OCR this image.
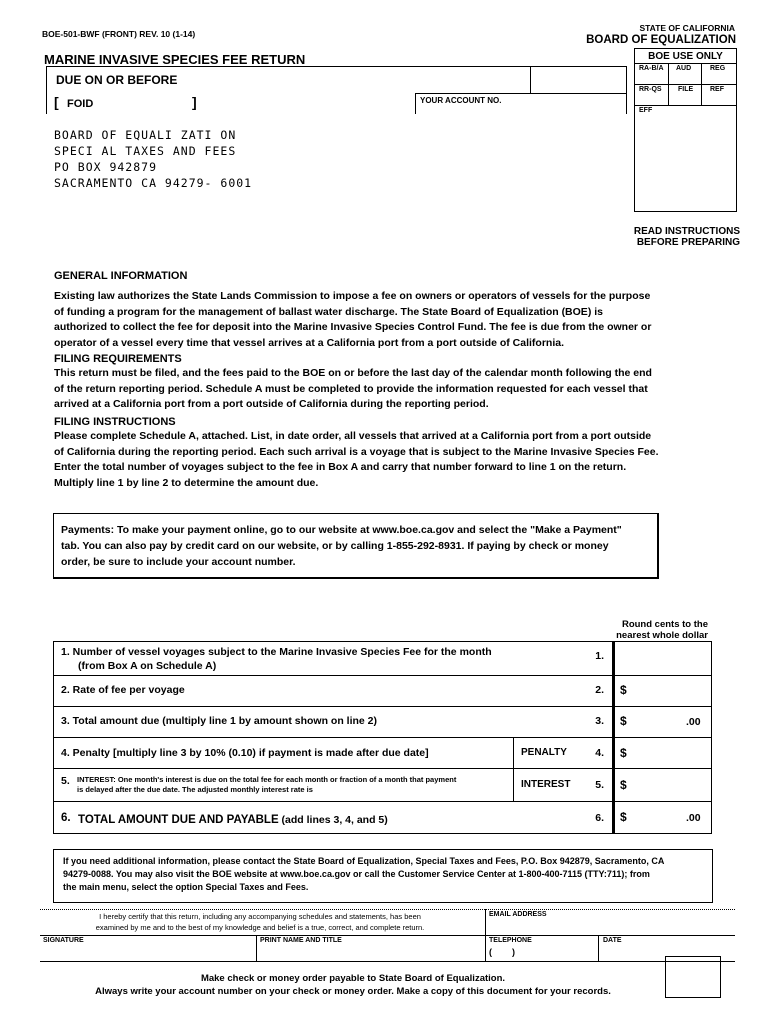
BOE-501-BWF (FRONT) REV. 10 (1-14)
STATE OF CALIFORNIA
BOARD OF EQUALIZATION
MARINE INVASIVE SPECIES FEE RETURN	BOE USE ONLY
RA-B/A AUD	REG
RR-QS FILE REF
EFF
DUE ON OR BEFORE
[ FOID	]	YOUR ACCOUNT NO.
BOARD OF EQUALI ZATI ON
SPECI AL TAXES AND FEES
PO BOX 942879
SACRAMENTO CA 94279- 6001
READ INSTRUCTIONS
BEFORE PREPARING
GENERAL INFORMATION
Existing law authorizes the State Lands Commission to impose a fee on owners or operators of vessels for the purpose
of funding a program for the management of ballast water discharge. The State Board of Equalization (BOE) is
authorized to collect the fee for deposit into the Marine Invasive Species Control Fund. The fee is due from the owner or
operator of a vessel every time that vessel arrives at a California port from a port outside of California.
FILING REQUIREMENTS
This return must be filed, and the fees paid to the BOE on or before the last day of the calendar month following the end
of the return reporting period. Schedule A must be completed to provide the information requested for each vessel that
arrived at a California port from a port outside of California during the reporting period.
FILING INSTRUCTIONS
Please complete Schedule A, attached. List, in date order, all vessels that arrived at a California port from a port outside
of California during the reporting period. Each such arrival is a voyage that is subject to the Marine Invasive Species Fee.
Enter the total number of voyages subject to the fee in Box A and carry that number forward to line 1 on the return.
Multiply line 1 by line 2 to determine the amount due.
Payments: To make your payment online, go to our website at www.boe.ca.gov and select the "Make a Payment"
tab. You can also pay by credit card on our website, or by calling 1-855-292-8931. If paying by check or money
order, be sure to include your account number.
Round cents to the
nearest whole dollar
1. Number of vessel voyages subject to the Marine Invasive Species Fee for the month
(from Box A on Schedule A)
1.
2. Rate of fee per voyage	2. $
3. Total amount due (multiply line 1 by amount shown on line 2)	3. $	.00
4. Penalty [multiply line 3 by 10% (0.10) if payment is made after due date]	PENALTY	4. $
5. INTEREST: One month's interest is due on the total fee for each month or fraction of a month that payment
is delayed after the due date. The adjusted monthly interest rate is	INTEREST	5. $
6. TOTAL AMOUNT DUE AND PAYABLE (add lines 3, 4, and 5)	6. $	.00
If you need additional information, please contact the State Board of Equalization, Special Taxes and Fees, P.O. Box 942879, Sacramento, CA
94279-0088. You may also visit the BOE website at www.boe.ca.gov or call the Customer Service Center at 1-800-400-7115 (TTY:711); from
the main menu, select the option Special Taxes and Fees.
I hereby certify that this return, including any accompanying schedules and statements, has been
examined by me and to the best of my knowledge and belief is a true, correct, and complete return.
EMAIL ADDRESS
SIGNATURE	PRINT NAME AND TITLE	TELEPHONE
(        )
DATE
Make check or money order payable to State Board of Equalization.
Always write your account number on your check or money order. Make a copy of this document for your records.
